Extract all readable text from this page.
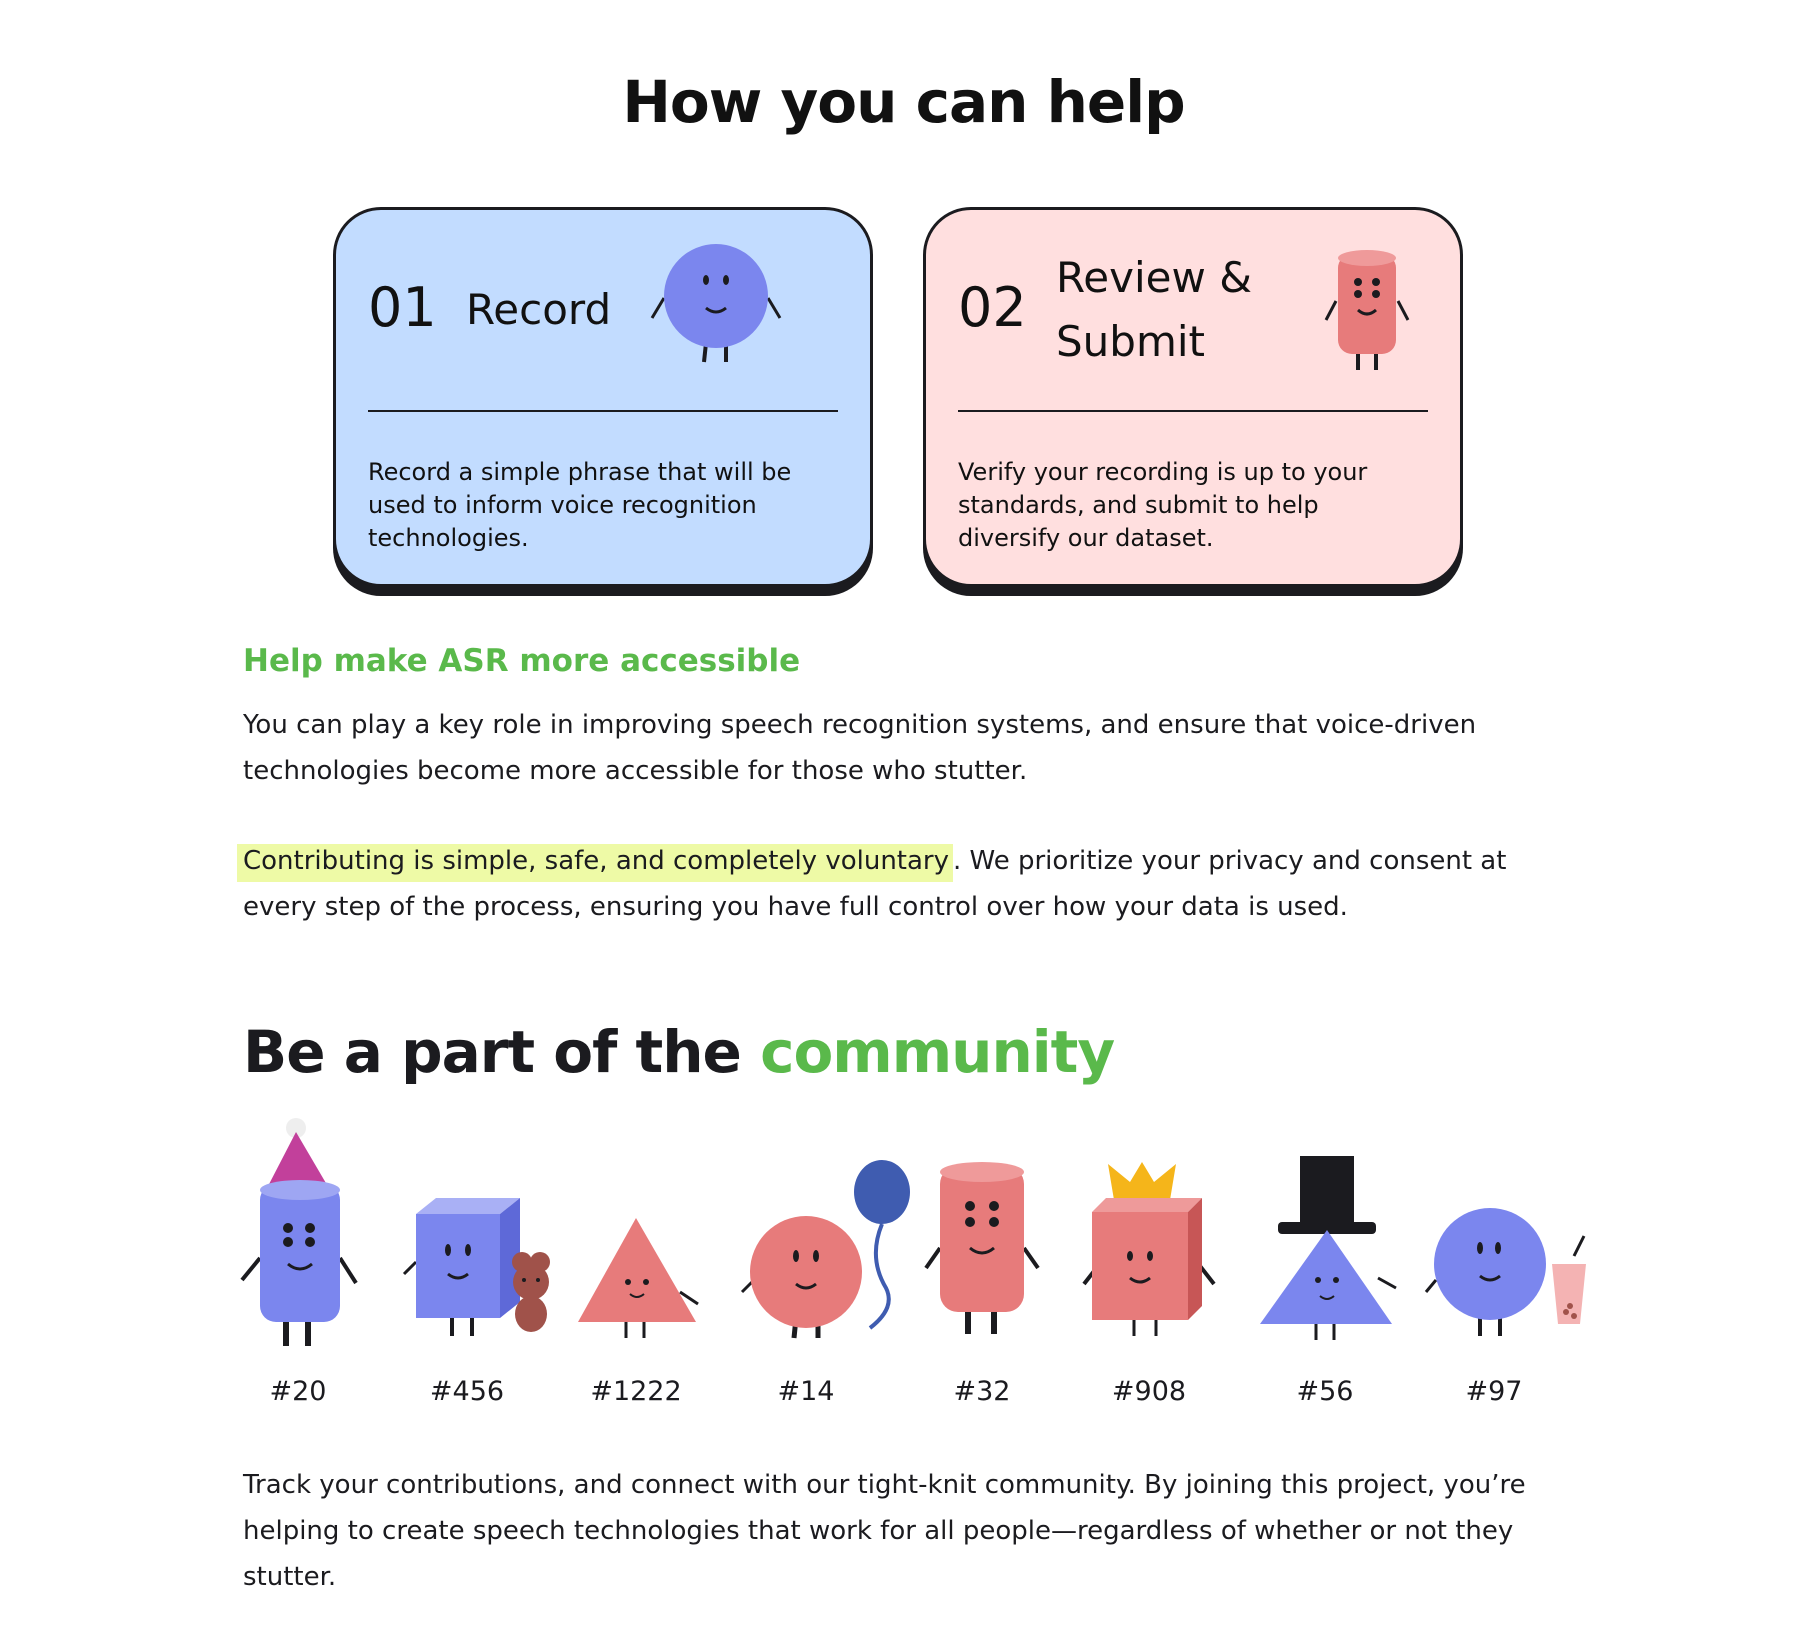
How you can help
01 Record
Record a simple phrase that will be used to inform voice recognition technologies.
02 Review & Submit
Verify your recording is up to your standards, and submit to help diversify our dataset.
Help make ASR more accessible

You can play a key role in improving speech recognition systems, and ensure that voice-driven technologies become more accessible for those who stutter.

Contributing is simple, safe, and completely voluntary . We prioritize your privacy and consent at every step of the process, ensuring you have full control over how your data is used.

Be a part of the community
#20	#456	#1222	#14	#32	#908	#56	#97

Track your contributions, and connect with our tight-knit community. By joining this project, you’re helping to create speech technologies that work for all people—regardless of whether or not they stutter.
